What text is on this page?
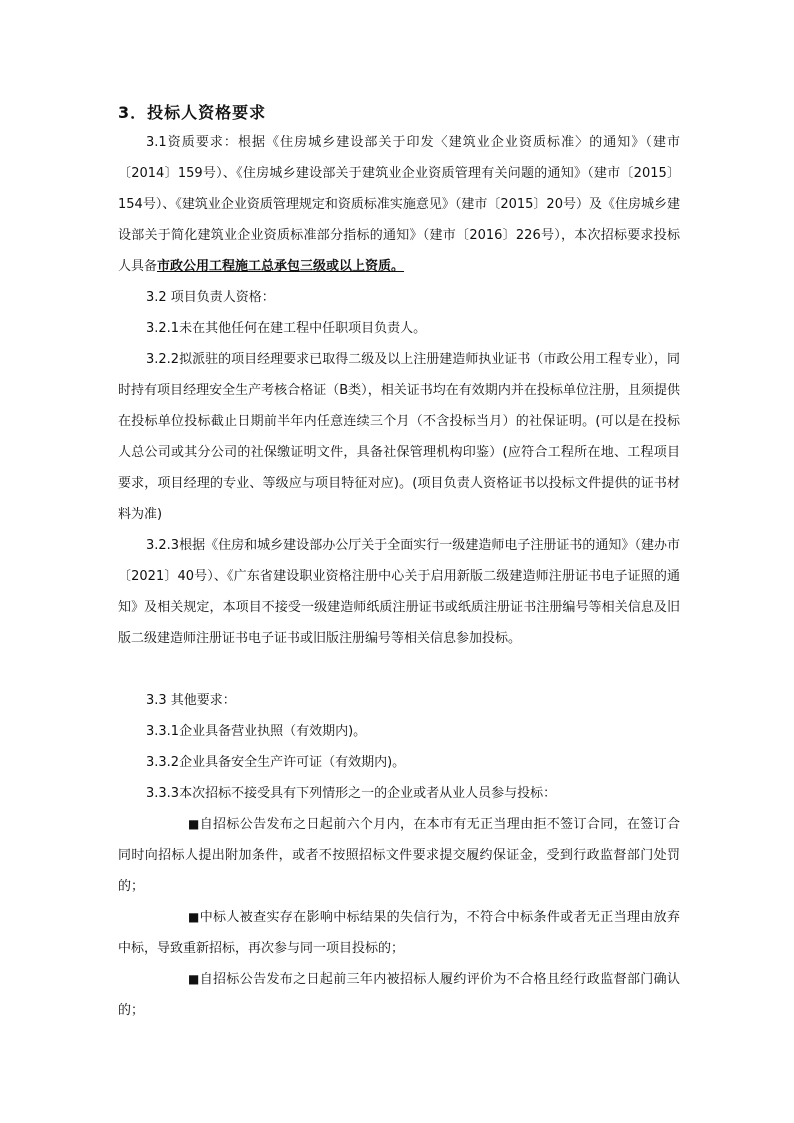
3．投标人资格要求

3.1资质要求：根据《住房城乡建设部关于印发〈建筑业企业资质标准〉的通知》（建市〔2014〕159号）、《住房城乡建设部关于建筑业企业资质管理有关问题的通知》（建市〔2015〕154号）、《建筑业企业资质管理规定和资质标准实施意见》（建市〔2015〕20号）及《住房城乡建设部关于简化建筑业企业资质标准部分指标的通知》（建市〔2016〕226号），本次招标要求投标人具备市政公用工程施工总承包三级或以上资质。

3.2 项目负责人资格：

3.2.1未在其他任何在建工程中任职项目负责人。

3.2.2拟派驻的项目经理要求已取得二级及以上注册建造师执业证书（市政公用工程专业），同时持有项目经理安全生产考核合格证（B类），相关证书均在有效期内并在投标单位注册，且须提供在投标单位投标截止日期前半年内任意连续三个月（不含投标当月）的社保证明。(可以是在投标人总公司或其分公司的社保缴证明文件，具备社保管理机构印鉴）(应符合工程所在地、工程项目要求，项目经理的专业、等级应与项目特征对应)。(项目负责人资格证书以投标文件提供的证书材料为准)

3.2.3根据《住房和城乡建设部办公厅关于全面实行一级建造师电子注册证书的通知》（建办市〔2021〕40号）、《广东省建设职业资格注册中心关于启用新版二级建造师注册证书电子证照的通知》及相关规定，本项目不接受一级建造师纸质注册证书或纸质注册证书注册编号等相关信息及旧版二级建造师注册证书电子证书或旧版注册编号等相关信息参加投标。

3.3 其他要求：

3.3.1企业具备营业执照（有效期内)。

3.3.2企业具备安全生产许可证（有效期内)。

3.3.3本次招标不接受具有下列情形之一的企业或者从业人员参与投标：

■自招标公告发布之日起前六个月内，在本市有无正当理由拒不签订合同，在签订合同时向招标人提出附加条件，或者不按照招标文件要求提交履约保证金，受到行政监督部门处罚的；

■中标人被查实存在影响中标结果的失信行为，不符合中标条件或者无正当理由放弃中标，导致重新招标，再次参与同一项目投标的；

■自招标公告发布之日起前三年内被招标人履约评价为不合格且经行政监督部门确认的；
